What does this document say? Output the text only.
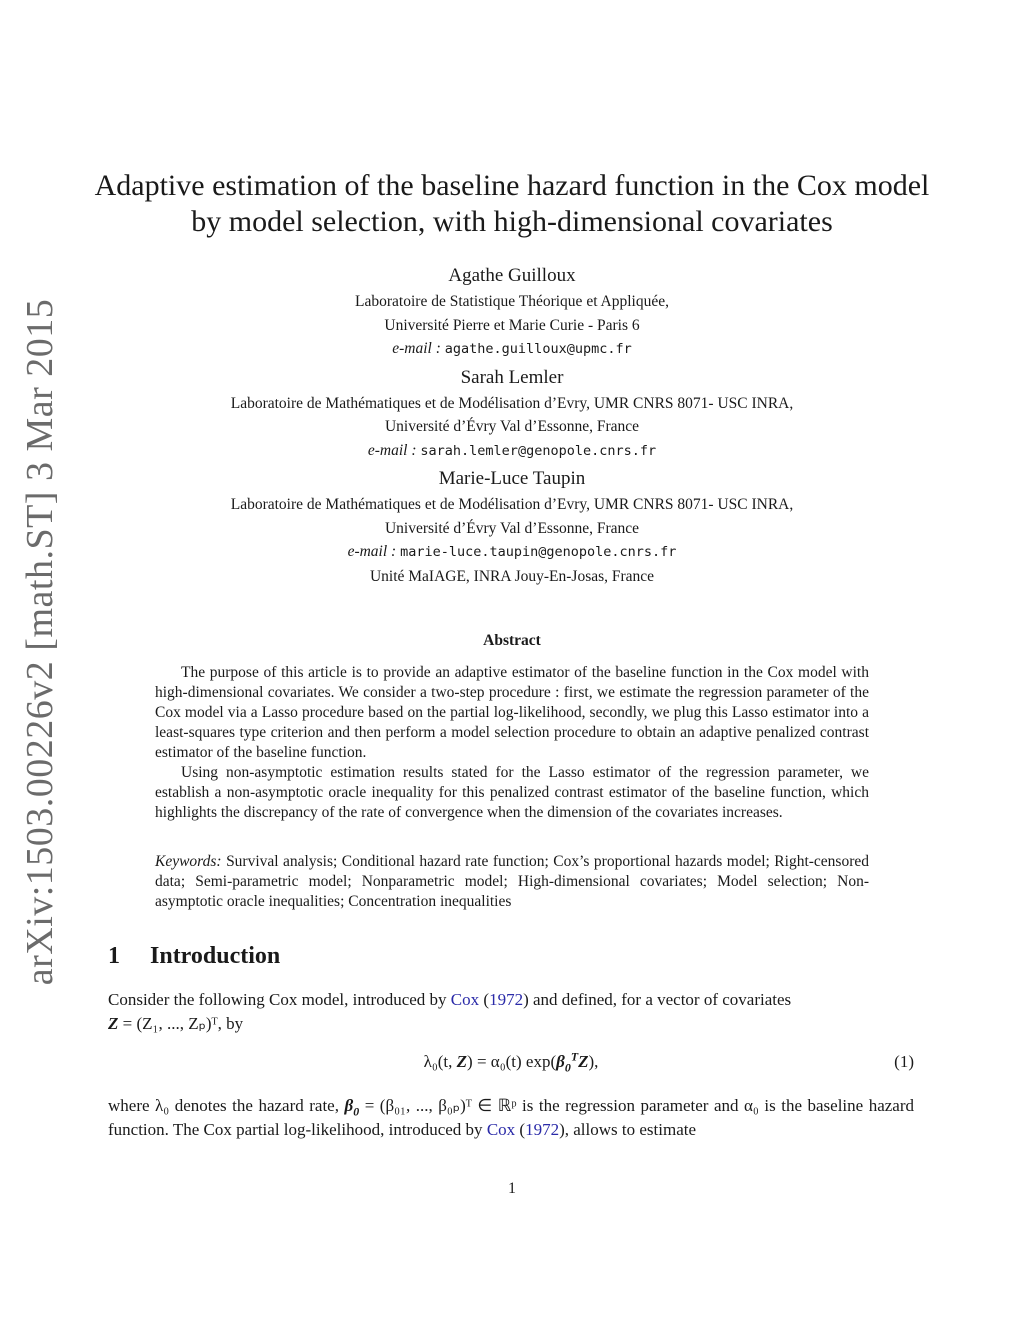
arXiv:1503.00226v2 [math.ST] 3 Mar 2015
Adaptive estimation of the baseline hazard function in the Cox model
by model selection, with high-dimensional covariates
Agathe Guilloux
Laboratoire de Statistique Théorique et Appliquée,
Université Pierre et Marie Curie - Paris 6
e-mail : agathe.guilloux@upmc.fr
Sarah Lemler
Laboratoire de Mathématiques et de Modélisation d’Evry, UMR CNRS 8071- USC INRA,
Université d’Évry Val d’Essonne, France
e-mail : sarah.lemler@genopole.cnrs.fr
Marie-Luce Taupin
Laboratoire de Mathématiques et de Modélisation d’Evry, UMR CNRS 8071- USC INRA,
Université d’Évry Val d’Essonne, France
e-mail : marie-luce.taupin@genopole.cnrs.fr
Unité MaIAGE, INRA Jouy-En-Josas, France
Abstract

The purpose of this article is to provide an adaptive estimator of the baseline function in the Cox model with high-dimensional covariates. We consider a two-step procedure : first, we estimate the regression parameter of the Cox model via a Lasso procedure based on the partial log-likelihood, secondly, we plug this Lasso estimator into a least-squares type criterion and then perform a model selection procedure to obtain an adaptive penalized contrast estimator of the baseline function.

Using non-asymptotic estimation results stated for the Lasso estimator of the regression parameter, we establish a non-asymptotic oracle inequality for this penalized contrast estimator of the baseline function, which highlights the discrepancy of the rate of convergence when the dimension of the covariates increases.

Keywords: Survival analysis; Conditional hazard rate function; Cox’s proportional hazards model; Right-censored data; Semi-parametric model; Nonparametric model; High-dimensional covariates; Model selection; Non-asymptotic oracle inequalities; Concentration inequalities
1 Introduction

Consider the following Cox model, introduced by Cox (1972) and defined, for a vector of covariates
Z = (Z₁, ..., Zₚ)ᵀ, by

λ₀(t, Z) = α₀(t) $\exp(\beta_0^TZ)$,	(1)

where λ₀ denotes the hazard rate, $\beta_0 = (\beta_{01}$, ..., β₀ₚ)ᵀ ∈ ℝᵖ is the regression parameter and α₀ is the baseline hazard function. The Cox partial log-likelihood, introduced by Cox (1972), allows to estimate

1
